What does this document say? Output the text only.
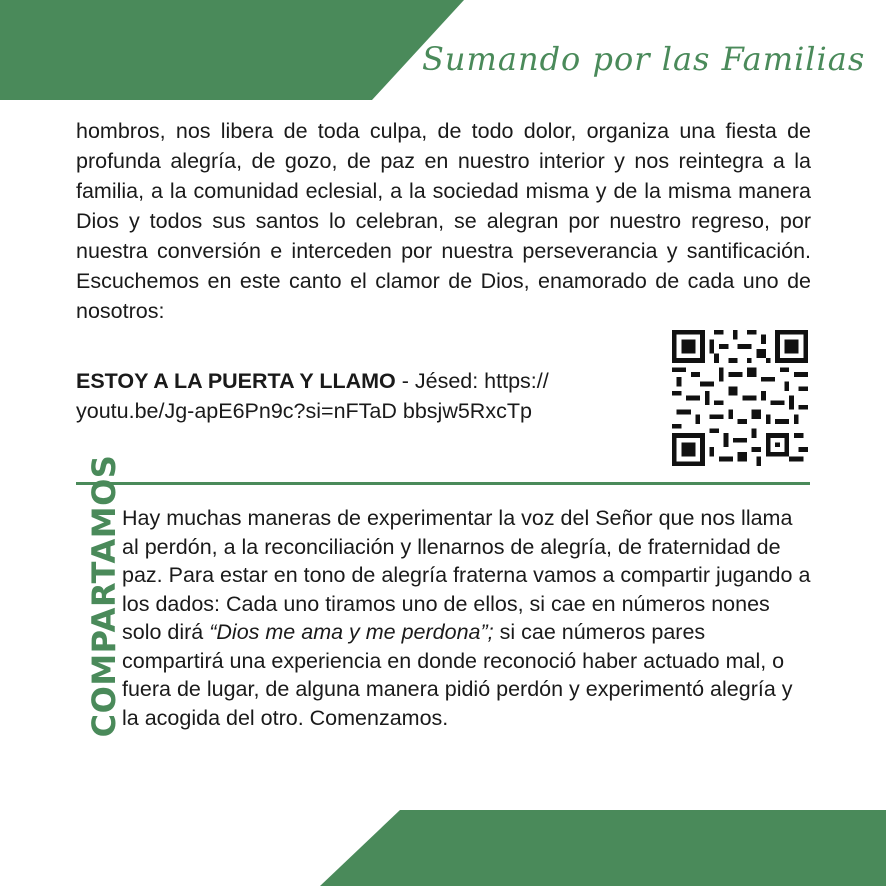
Sumando por las Familias

hombros, nos libera de toda culpa, de todo dolor, organiza una fiesta de profunda alegría, de gozo, de paz en nuestro interior y nos reintegra a la familia, a la comunidad eclesial, a la sociedad misma y de la misma manera Dios y todos sus santos lo celebran, se alegran por nuestro regreso, por nuestra conversión e interceden por nuestra perseverancia y santificación. Escuchemos en este canto el clamor de Dios, enamorado de cada uno de nosotros:

ESTOY A LA PUERTA Y LLAMO - Jésed: https:// youtu.be/Jg-apE6Pn9c?si=nFTaD bbsjw5RxcTp

COMPARTAMOS Hay muchas maneras de experimentar la voz del Señor que nos llama al perdón, a la reconciliación y llenarnos de alegría, de fraternidad de paz. Para estar en tono de alegría fraterna vamos a compartir jugando a los dados: Cada uno tiramos uno de ellos, si cae en números nones solo dirá “Dios me ama y me perdona”; si cae números pares compartirá una experiencia en donde reconoció haber actuado mal, o fuera de lugar, de alguna manera pidió perdón y experimentó alegría y la acogida del otro. Comenzamos.
